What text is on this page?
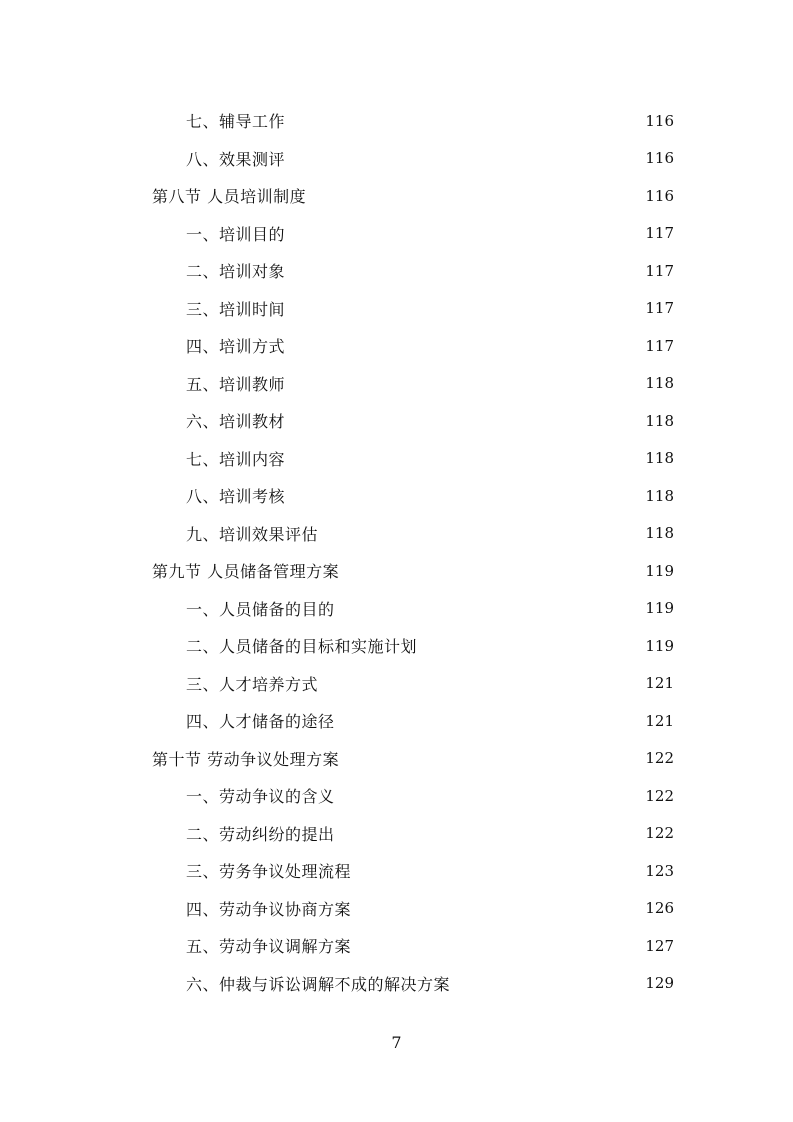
七、辅导工作	116
八、效果测评	116
第八节 人员培训制度	116
一、培训目的	117
二、培训对象	117
三、培训时间	117
四、培训方式	117
五、培训教师	118
六、培训教材	118
七、培训内容	118
八、培训考核	118
九、培训效果评估	118
第九节 人员储备管理方案	119
一、人员储备的目的	119
二、人员储备的目标和实施计划	119
三、人才培养方式	121
四、人才储备的途径	121
第十节 劳动争议处理方案	122
一、劳动争议的含义	122
二、劳动纠纷的提出	122
三、劳务争议处理流程	123
四、劳动争议协商方案	126
五、劳动争议调解方案	127
六、仲裁与诉讼调解不成的解决方案	129
7
